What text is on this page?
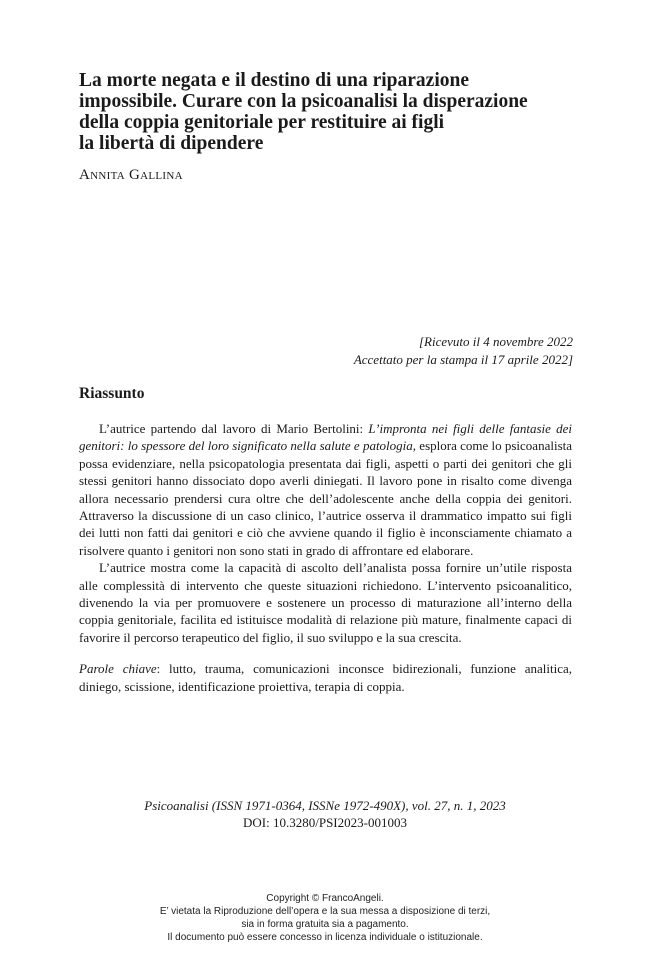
La morte negata e il destino di una riparazione
impossibile. Curare con la psicoanalisi la disperazione
della coppia genitoriale per restituire ai figli
la libertà di dipendere

Annita Gallina

[Ricevuto il 4 novembre 2022
Accettato per la stampa il 17 aprile 2022]
Riassunto

L’autrice partendo dal lavoro di Mario Bertolini: L’impronta nei figli delle fantasie dei genitori: lo spessore del loro significato nella salute e patologia, esplora come lo psicoanalista possa evidenziare, nella psicopatologia presentata dai figli, aspetti o parti dei genitori che gli stessi genitori hanno dissociato dopo averli diniegati. Il lavoro pone in risalto come divenga allora necessario prendersi cura oltre che dell’adolescente anche della coppia dei genitori. Attraverso la discussione di un caso clinico, l’autrice osserva il drammatico impatto sui figli dei lutti non fatti dai genitori e ciò che avviene quando il figlio è inconsciamente chiamato a risolvere quanto i genitori non sono stati in grado di affrontare ed elaborare.

L’autrice mostra come la capacità di ascolto dell’analista possa fornire un’utile risposta alle complessità di intervento che queste situazioni richiedono. L’intervento psicoanalitico, divenendo la via per promuovere e sostenere un processo di maturazione all’interno della coppia genitoriale, facilita ed istituisce modalità di relazione più mature, finalmente capaci di favorire il percorso terapeutico del figlio, il suo sviluppo e la sua crescita.

Parole chiave: lutto, trauma, comunicazioni inconsce bidirezionali, funzione analitica, diniego, scissione, identificazione proiettiva, terapia di coppia.

Psicoanalisi (ISSN 1971-0364, ISSNe 1972-490X), vol. 27, n. 1, 2023
DOI: 10.3280/PSI2023-001003
Copyright © FrancoAngeli.
E’ vietata la Riproduzione dell’opera e la sua messa a disposizione di terzi,
sia in forma gratuita sia a pagamento.
Il documento può essere concesso in licenza individuale o istituzionale.
